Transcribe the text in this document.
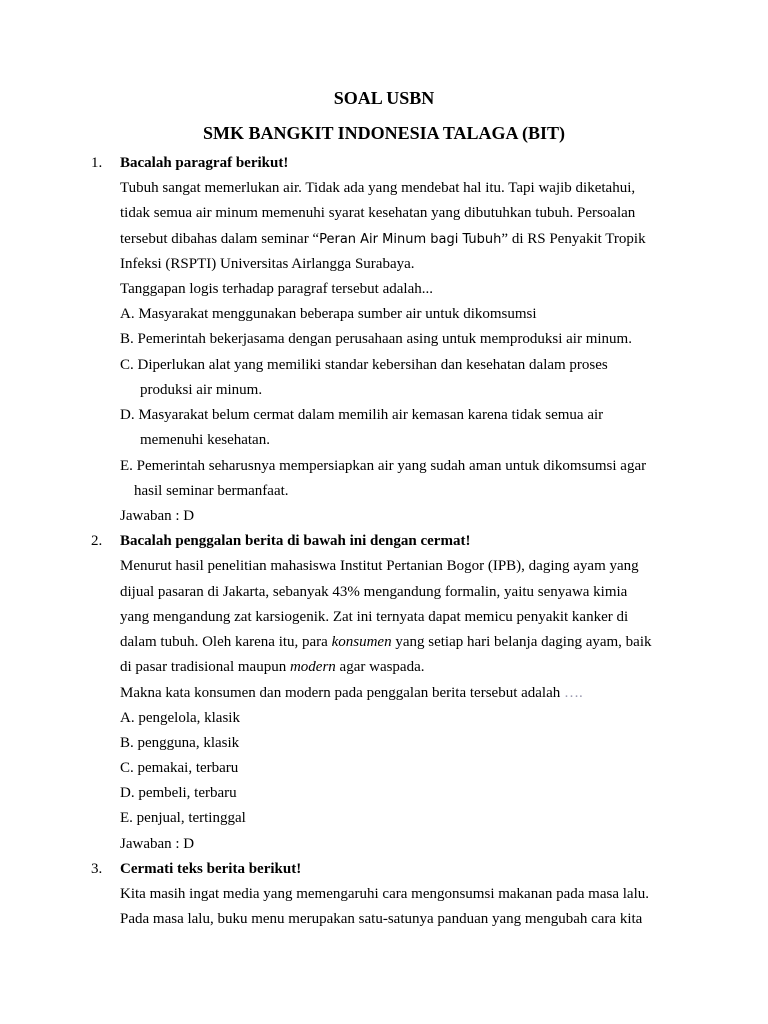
SOAL USBN
SMK BANGKIT INDONESIA TALAGA (BIT)
1. Bacalah paragraf berikut!
Tubuh sangat memerlukan air. Tidak ada yang mendebat hal itu. Tapi wajib diketahui,
tidak semua air minum memenuhi syarat kesehatan yang dibutuhkan tubuh. Persoalan
tersebut dibahas dalam seminar “Peran Air Minum bagi Tubuh” di RS Penyakit Tropik
Infeksi (RSPTI) Universitas Airlangga Surabaya.
Tanggapan logis terhadap paragraf tersebut adalah...
A. Masyarakat menggunakan beberapa sumber air untuk dikomsumsi
B. Pemerintah bekerjasama dengan perusahaan asing untuk memproduksi air minum.
C. Diperlukan alat yang memiliki standar kebersihan dan kesehatan dalam proses
produksi air minum.
D. Masyarakat belum cermat dalam memilih air kemasan karena tidak semua air
memenuhi kesehatan.
E. Pemerintah seharusnya mempersiapkan air yang sudah aman untuk dikomsumsi agar
hasil seminar bermanfaat.
Jawaban : D
2. Bacalah penggalan berita di bawah ini dengan cermat!
Menurut hasil penelitian mahasiswa Institut Pertanian Bogor (IPB), daging ayam yang
dijual pasaran di Jakarta, sebanyak 43% mengandung formalin, yaitu senyawa kimia
yang mengandung zat karsiogenik. Zat ini ternyata dapat memicu penyakit kanker di
dalam tubuh. Oleh karena itu, para konsumen yang setiap hari belanja daging ayam, baik
di pasar tradisional maupun modern agar waspada.
Makna kata konsumen dan modern pada penggalan berita tersebut adalah ….
A. pengelola, klasik
B. pengguna, klasik
C. pemakai, terbaru
D. pembeli, terbaru
E. penjual, tertinggal
Jawaban : D
3. Cermati teks berita berikut!
Kita masih ingat media yang memengaruhi cara mengonsumsi makanan pada masa lalu.
Pada masa lalu, buku menu merupakan satu-satunya panduan yang mengubah cara kita
